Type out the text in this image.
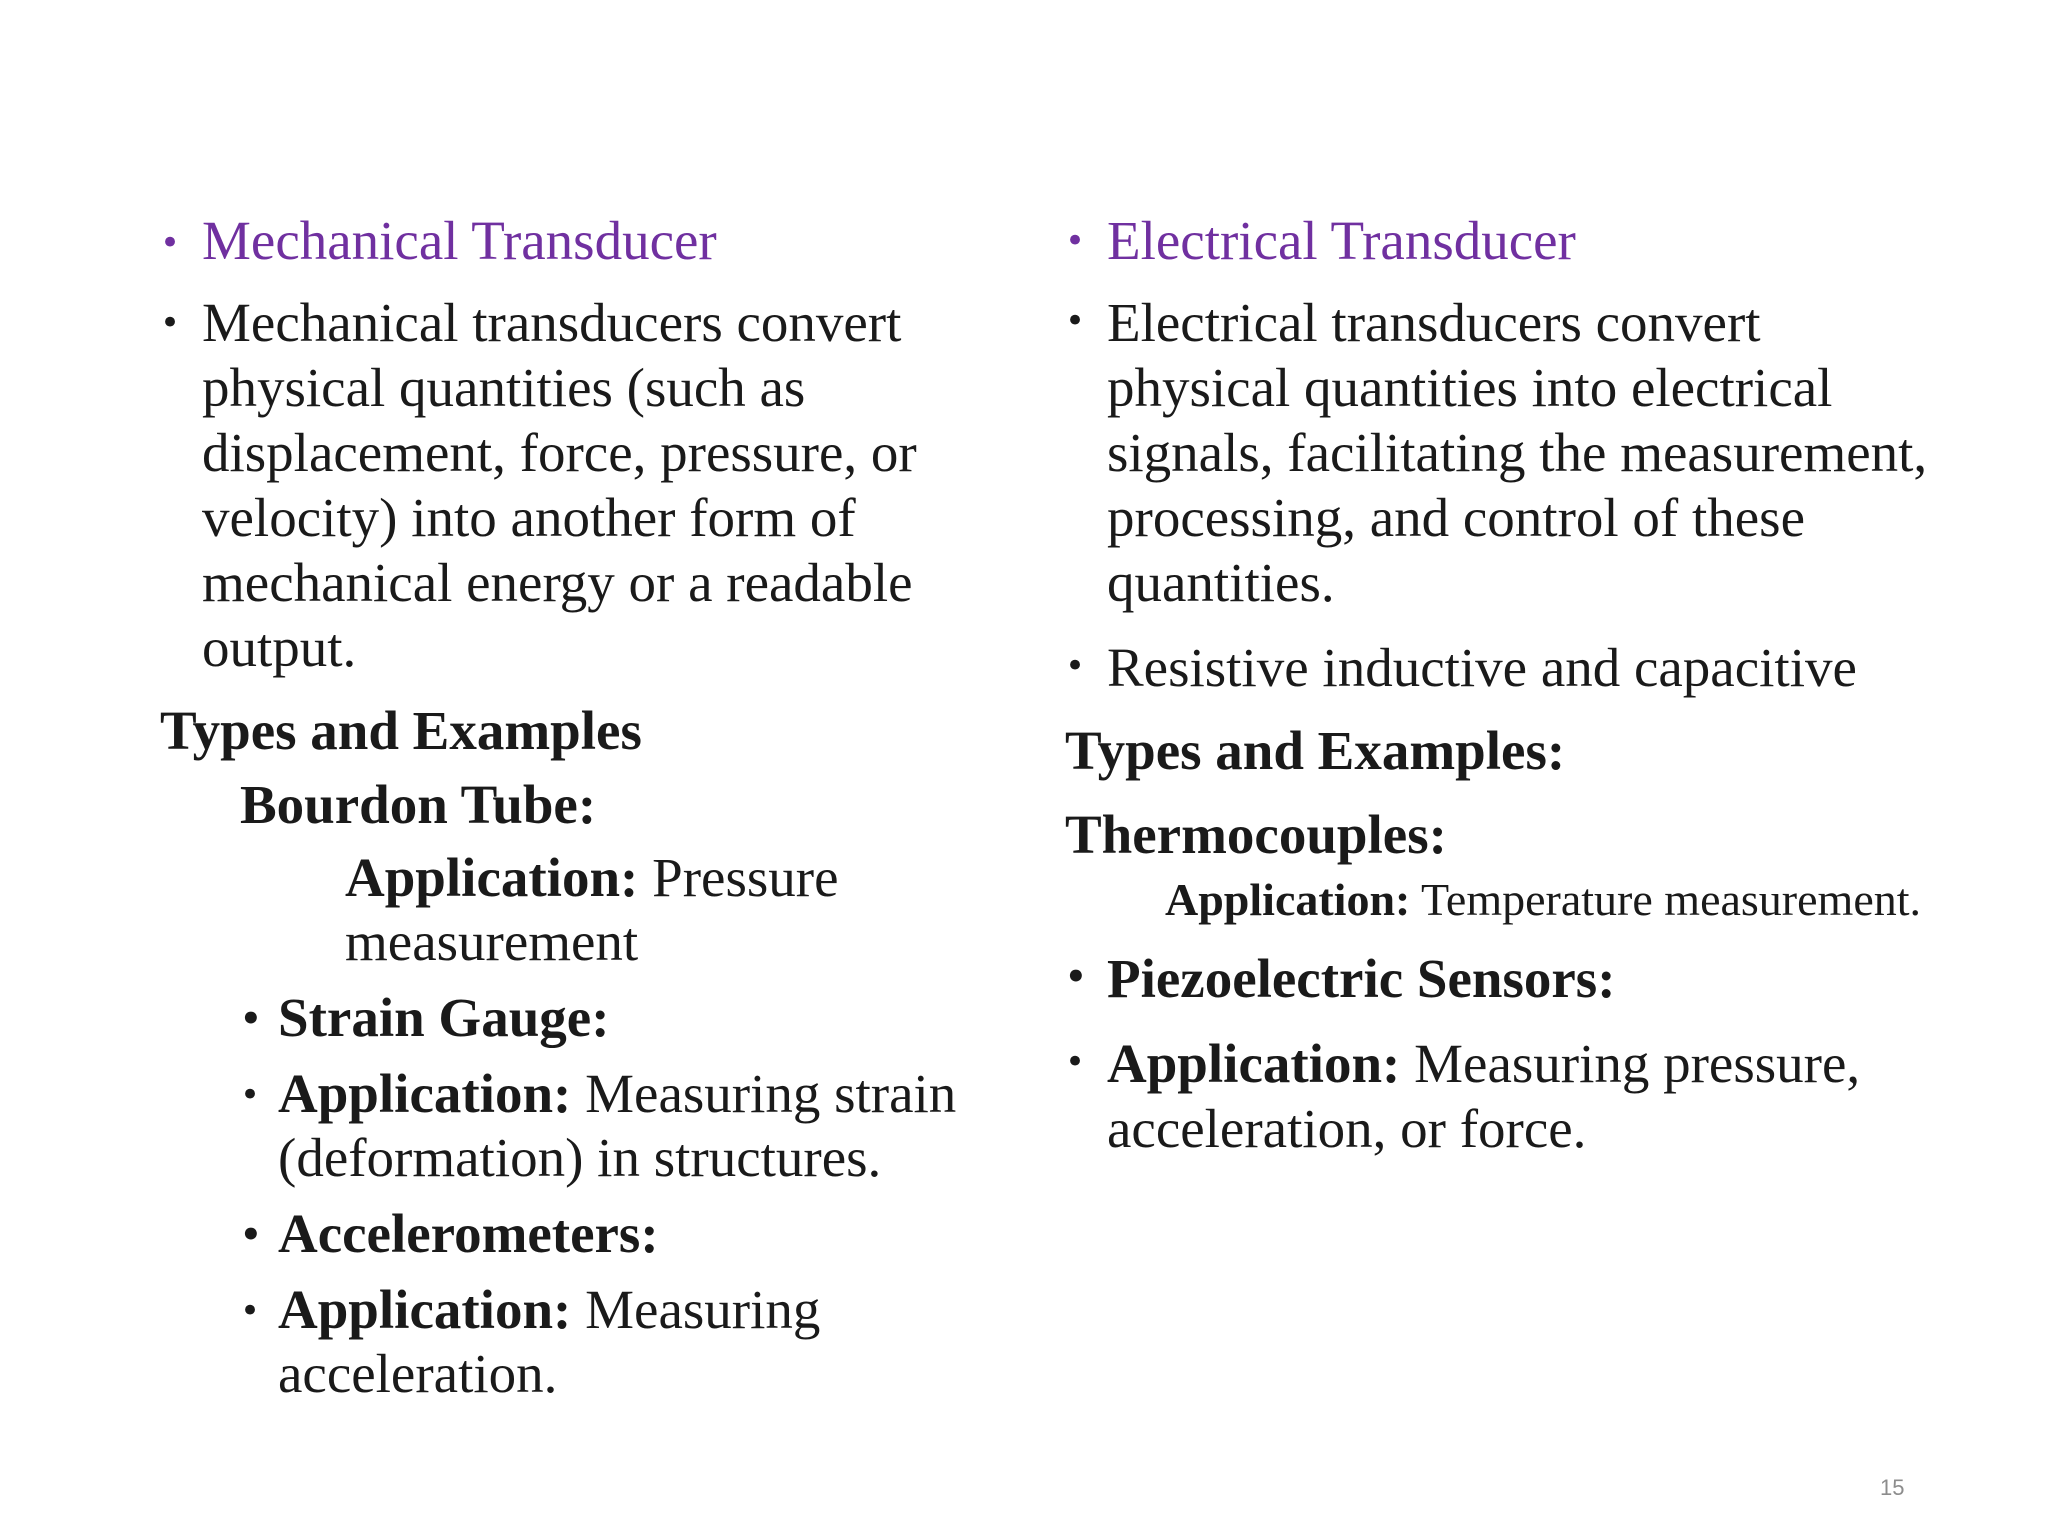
• Mechanical Transducer
• Mechanical transducers convert physical quantities (such as displacement, force, pressure, or velocity) into another form of mechanical energy or a readable output.

Types and Examples

Bourdon Tube:

Application: Pressure measurement
• Strain Gauge:
• Application: Measuring strain (deformation) in structures.
• Accelerometers:
• Application: Measuring acceleration.
• Electrical Transducer
• Electrical transducers convert physical quantities into electrical signals, facilitating the measurement, processing, and control of these quantities.
• Resistive inductive and capacitive

Types and Examples:

Thermocouples:

Application: Temperature measurement.
• Piezoelectric Sensors:
• Application: Measuring pressure, acceleration, or force.
15
